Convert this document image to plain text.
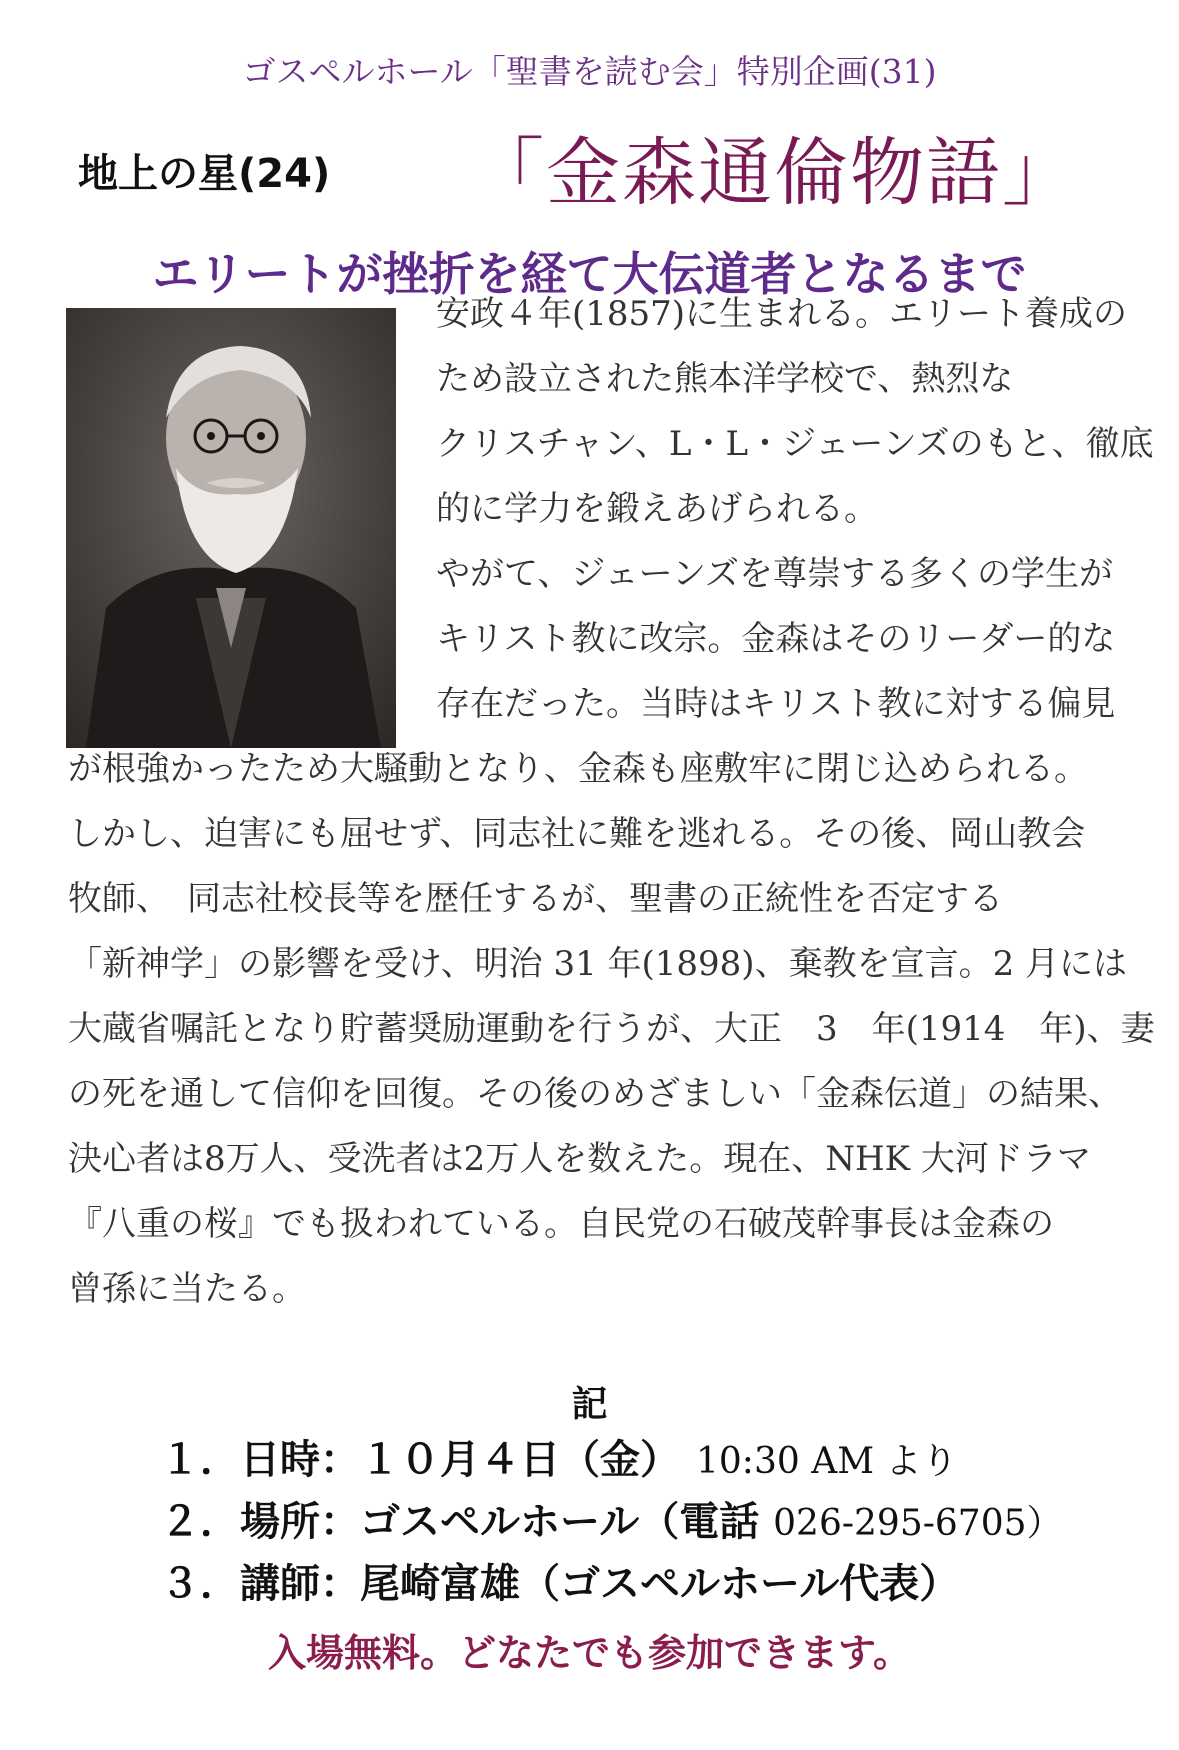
ゴスペルホール「聖書を読む会」特別企画(31)
地上の星(24) 「金森通倫物語」
エリートが挫折を経て大伝道者となるまで
安政４年(1857)に生まれる。エリート養成の
ため設立された熊本洋学校で、熱烈な
クリスチャン、L・L・ジェーンズのもと、徹底
的に学力を鍛えあげられる。
やがて、ジェーンズを尊崇する多くの学生が
キリスト教に改宗。金森はそのリーダー的な
存在だった。当時はキリスト教に対する偏見
が根強かったため大騒動となり、金森も座敷牢に閉じ込められる。
しかし、迫害にも屈せず、同志社に難を逃れる。その後、岡山教会
牧師、　同志社校長等を歴任するが、聖書の正統性を否定する
「新神学」の影響を受け、明治 31 年(1898)、棄教を宣言。2 月には
大蔵省嘱託となり貯蓄奨励運動を行うが、大正　3　年(1914　年)、妻
の死を通して信仰を回復。その後のめざましい「金森伝道」の結果、
決心者は8万人、受洗者は2万人を数えた。現在、NHK 大河ドラマ
『八重の桜』でも扱われている。自民党の石破茂幹事長は金森の
曾孫に当たる。
記
１．日時：１０月４日（金）　10:30 AM より
２．場所：ゴスペルホール（電話 026-295-6705）
３．講師：尾崎富雄（ゴスペルホール代表）
入場無料。どなたでも参加できます。
